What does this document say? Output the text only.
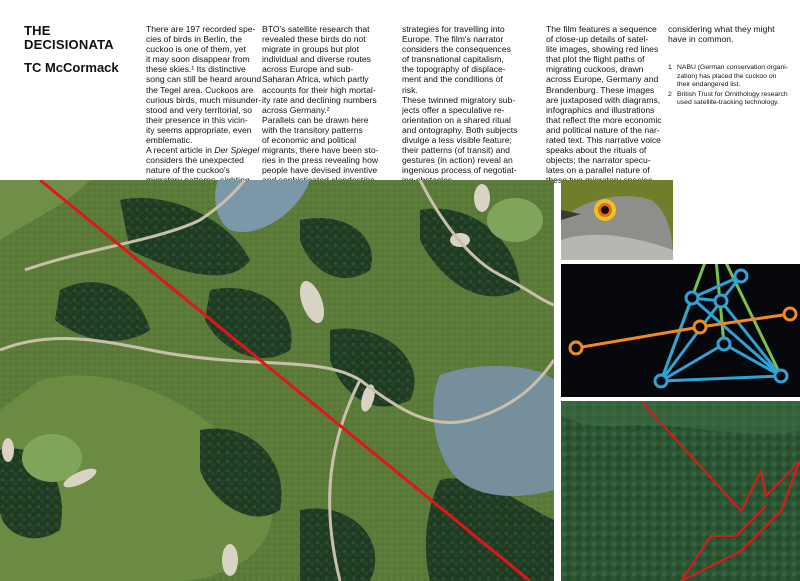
THE
DECISIONATA
TC McCormack
There are 197 recorded spe-
cies of birds in Berlin, the
cuckoo is one of them, yet
it may soon disappear from
these skies.¹ Its distinctive
song can still be heard around
the Tegel area. Cuckoos are
curious birds, much misunder-
stood and very territorial, so
their presence in this vicin-
ity seems appropriate, even
emblematic.
A recent article in Der Spiegel
considers the unexpected
nature of the cuckoo's

BTO's satellite research that
revealed these birds do not
migrate in groups but plot
individual and diverse routes
across Europe and sub-
Saharan Africa, which partly
accounts for their high mortal-
ity rate and declining numbers
across Germany.²
Parallels can be drawn here
with the transitory patterns
of economic and political
migrants, there have been sto-
ries in the press revealing how
people have devised inventive

strategies for travelling into
Europe. The film's narrator
considers the consequences
of transnational capitalism,
the topography of displace-
ment and the conditions of
risk.
These twinned migratory sub-
jects offer a speculative re-
orientation on a shared ritual
and ontography. Both subjects
divulge a less visible feature;
their patterns (of transit) and
gestures (in action) reveal an
ingenious process of negotiat-

The film features a sequence
of close-up details of satel-
lite images, showing red lines
that plot the flight paths of
migrating cuckoos, drawn
across Europe, Germany and
Brandenburg. These images
are juxtaposed with diagrams,
infographics and illustrations
that reflect the more economic
and political nature of the nar-
rated text. This narrative voice
speaks about the rituals of
objects; the narrator specu-
lates on a parallel nature of
these
considering what they might
have in common.
1 NABU (German conservation organi-
zation) has placed the cuckoo on
their endangered list.
2 British Trust for Ornithology research
used satellite-tracking technology.
